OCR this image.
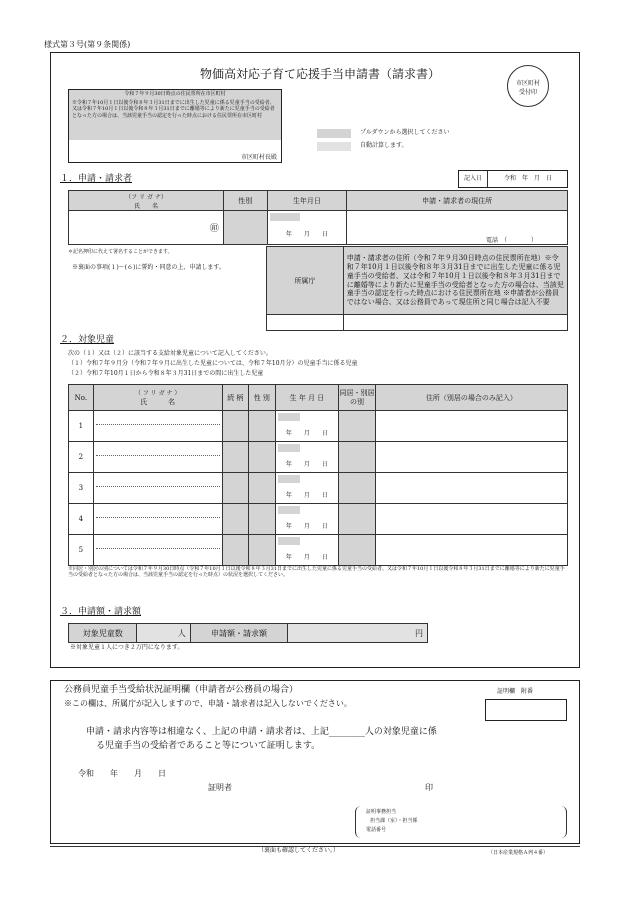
様式第３号(第９条関係)
物価高対応子育て応援手当申請書（請求書）
市区町村
受付印
令和７年９月30日時点の住民票所在市区町村
※令和７年10月１日以後令和８年３月31日までに出生した児童に係る児童手当の受給者、又は令和７年10月１日以後令和８年３月31日までに離婚等により新たに児童手当の受給者となった方の場合は、当該児童手当の認定を行った時点における住民票所在市区町村
市区町村長殿
プルダウンから選択してください
自動計算します。
１．申請・請求者	記入日	令和　年　月　日
（フ リ ガ ナ）
氏　　名	性別	生年月日	申請・請求者の現住所
㊞		年　　月　　日	電話　（　　　　）
＊記名押印に代えて署名することができます。
※裏面の事項(１)～(６)に誓約・同意の上、申請します。
所属庁	申請・請求者の住所（令和７年９月30日時点の住民票所在地）※令和７年10月１日以後令和８年３月31日までに出生した児童に係る児童手当の受給者、又は令和７年10月１日以後令和８年３月31日までに離婚等により新たに児童手当の受給者となった方の場合は、当該児童手当の認定を行った時点における住民票所在地 ※申請者が公務員ではない場合、又は公務員であって現住所と同じ場合は記入不要

２．対象児童
次の（１）又は（２）に該当する支給対象児童について記入してください。
（１）令和７年９月分（令和７年９月に出生した児童については、令和７年10月分）の児童手当に係る児童
（２）令和７年10月１日から令和８年３月31日までの間に出生した児童
No.	（ フ リ ガ ナ ）
氏　　　名	続 柄	性 別	生 年 月 日	同居・別居の別	住所（別居の場合のみ記入）
1				年　　月　　日		

2				年　　月　　日		

3				年　　月　　日		

4				年　　月　　日		

5				年　　月　　日		

※同居・別居の別については令和７年９月30日時点（令和７年10月１日以後令和８年３月31日までに出生した児童に係る児童手当の受給者、又は令和７年10月１日以後令和８年３月31日までに離婚等により新たに児童手当の受給者となった方の場合は、当該児童手当の認定を行った時点）の状況を選択してください。
３．申請額・請求額
対象児童数	人	申請額・請求額	円
※対象児童１人につき２万円になります。
公務員児童手当受給状況証明欄（申請者が公務員の場合）	証明欄　附番
※この欄は、所属庁が記入しますので、申請・請求者は記入しないでください。
申請・請求内容等は相違なく、上記の申請・請求者は、上記________人の対象児童に係
る児童手当の受給者であること等について証明します。
令和　　年　　月　　日
証明者	印
証明事務担当
担当課（室）・担当係
電話番号
（裏面も確認してください。）	（日本産業規格Ａ列４番）
